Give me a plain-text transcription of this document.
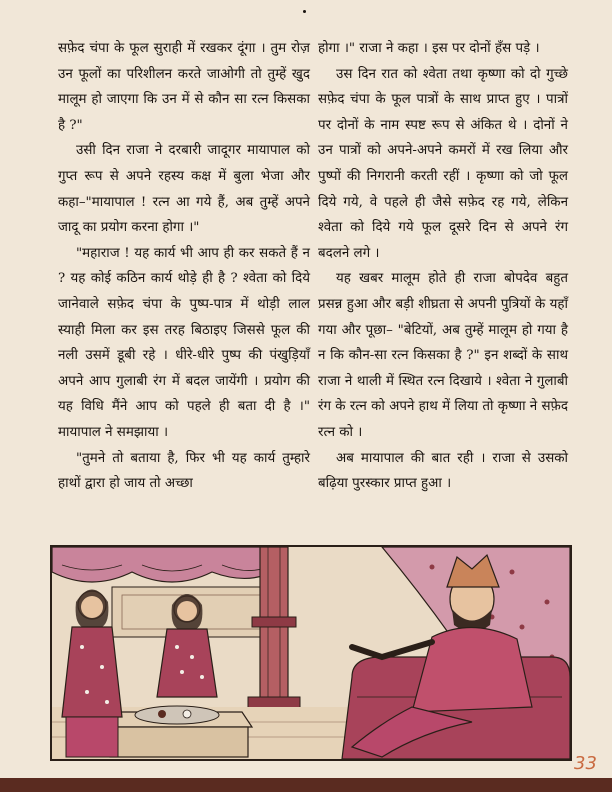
सफ़ेद चंपा के फूल सुराही में रखकर दूंगा । तुम रोज़ उन फूलों का परिशीलन करते जाओगी तो तुम्हें खुद मालूम हो जाएगा कि उन में से कौन सा रत्न किसका है ?"

उसी दिन राजा ने दरबारी जादूगर मायापाल को गुप्त रूप से अपने रहस्य कक्ष में बुला भेजा और कहा–"मायापाल ! रत्न आ गये हैं, अब तुम्हें अपने जादू का प्रयोग करना होगा ।"

"महाराज ! यह कार्य भी आप ही कर सकते हैं न ? यह कोई कठिन कार्य थोड़े ही है ? श्वेता को दिये जानेवाले सफ़ेद चंपा के पुष्प-पात्र में थोड़ी लाल स्याही मिला कर इस तरह बिठाइए जिससे फूल की नली उसमें डूबी रहे । धीरे-धीरे पुष्प की पंखुड़ियाँ अपने आप गुलाबी रंग में बदल जायेंगी । प्रयोग की यह विधि मैंने आप को पहले ही बता दी है ।" मायापाल ने समझाया ।

"तुमने तो बताया है, फिर भी यह कार्य तुम्हारे हाथों द्वारा हो जाय तो अच्छा

होगा ।" राजा ने कहा । इस पर दोनों हँस पड़े ।

उस दिन रात को श्वेता तथा कृष्णा को दो गुच्छे सफ़ेद चंपा के फूल पात्रों के साथ प्राप्त हुए । पात्रों पर दोनों के नाम स्पष्ट रूप से अंकित थे । दोनों ने उन पात्रों को अपने-अपने कमरों में रख लिया और पुष्पों की निगरानी करती रहीं । कृष्णा को जो फूल दिये गये, वे पहले ही जैसे सफ़ेद रह गये, लेकिन श्वेता को दिये गये फूल दूसरे दिन से अपने रंग बदलने लगे ।

यह खबर मालूम होते ही राजा बोपदेव बहुत प्रसन्न हुआ और बड़ी शीघ्रता से अपनी पुत्रियों के यहाँ गया और पूछा– "बेटियों, अब तुम्हें मालूम हो गया है न कि कौन-सा रत्न किसका है ?" इन शब्दों के साथ राजा ने थाली में स्थित रत्न दिखाये । श्वेता ने गुलाबी रंग के रत्न को अपने हाथ में लिया तो कृष्णा ने सफ़ेद रत्न को ।

अब मायापाल की बात रही । राजा से उसको बढ़िया पुरस्कार प्राप्त हुआ ।

33
